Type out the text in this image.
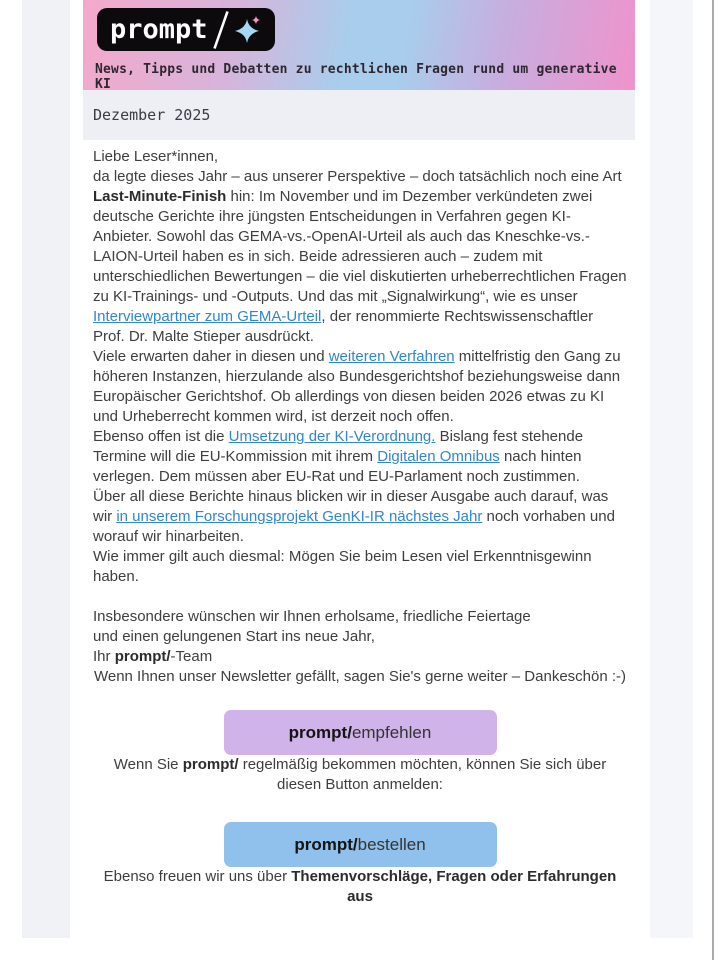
prompt
News, Tipps und Debatten zu rechtlichen Fragen rund um generative KI
Dezember 2025

Liebe Leser*innen,
da legte dieses Jahr – aus unserer Perspektive – doch tatsächlich noch eine Art Last-Minute-Finish hin: Im November und im Dezember verkündeten zwei deutsche Gerichte ihre jüngsten Entscheidungen in Verfahren gegen KI-Anbieter. Sowohl das GEMA-vs.-OpenAI-Urteil als auch das Kneschke-vs.-LAION-Urteil haben es in sich. Beide adressieren auch – zudem mit unterschiedlichen Bewertungen – die viel diskutierten urheberrechtlichen Fragen zu KI-Trainings- und -Outputs. Und das mit „Signalwirkung“, wie es unser Interviewpartner zum GEMA-Urteil, der renommierte Rechtswissenschaftler Prof. Dr. Malte Stieper ausdrückt.
Viele erwarten daher in diesen und weiteren Verfahren mittelfristig den Gang zu höheren Instanzen, hierzulande also Bundesgerichtshof beziehungsweise dann Europäischer Gerichtshof. Ob allerdings von diesen beiden 2026 etwas zu KI und Urheberrecht kommen wird, ist derzeit noch offen.
Ebenso offen ist die Umsetzung der KI-Verordnung. Bislang fest stehende Termine will die EU-Kommission mit ihrem Digitalen Omnibus nach hinten verlegen. Dem müssen aber EU-Rat und EU-Parlament noch zustimmen.
Über all diese Berichte hinaus blicken wir in dieser Ausgabe auch darauf, was wir in unserem Forschungsprojekt GenKI-IR nächstes Jahr noch vorhaben und worauf wir hinarbeiten.
Wie immer gilt auch diesmal: Mögen Sie beim Lesen viel Erkenntnisgewinn haben.

Insbesondere wünschen wir Ihnen erholsame, friedliche Feiertage
und einen gelungenen Start ins neue Jahr,
Ihr prompt/-Team

Wenn Ihnen unser Newsletter gefällt, sagen Sie's gerne weiter – Dankeschön :-)

prompt/ empfehlen

Wenn Sie prompt/ regelmäßig bekommen möchten, können Sie sich über diesen Button anmelden:

prompt/ bestellen

Ebenso freuen wir uns über Themenvorschläge, Fragen oder Erfahrungen aus
